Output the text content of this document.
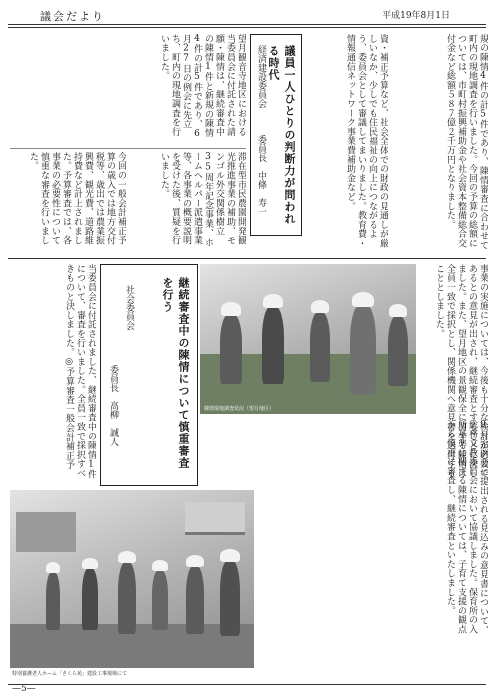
議会だより	平成19年8月1日
規の陳情4件の計5件であり、陳情審査に合わせて町内の現地調査を行いました。今回の予算の総額については、市町村振興補助金や社会資本整備総合交付金など総額５８７億２千万円となりました。
資・補正予算など、社会全体での財政の見通しが厳しいなか、少しでも住民福祉の向上につながるよう、委員会として審議してまいりました。教育費・情報通信ネットワーク事業費補助金など。
議員一人ひとりの判断力が問われる時代
経済建設委員会
委員長　中條　寿一
望月観音寺地区における当委員会に付託された請願・陳情は、継続審査中の陳情1件と新規の陳情4件の計5件であり、6月27日の例会に先立ち、町内の現地調査を行いました。
滞在型市民農園開発観光推進事業の補助、モンゴル外交関係樹立35周年記念事業、ホームヘルパー派遣事業等、各事業の概要説明を受けた後、質疑を行いました。
今回の一般会計補正予算の歳入では地方交付税等、歳出では農業振興費、観光費、道路維持費など計上されました。予算審査では、各事業の必要性について慎重な審査を行いました。
事業の実施については、今後も十分な検討が必要であるとの意見が出され、継続審査とすることに決しました。また、望月地区の景観保全に関する陳情は全員一致で採択とし、関係機関へ意見書を送付することとしました。
陳情現地調査状況（望月地区）
継続審査中の陳情について慎重審査を行う
社会委員会
委員長　高柳　誠人
当委員会に付託されました、継続審査中の陳情1件について、審査を行いました。全員一致で採択すべきものと決しました。◎予算審査一般会計補正予
9月定例会に提出される見込みの意見書について、総務文教委員会において協議しました。保育所の入所基準に関する陳情については、子育て支援の観点から慎重に審査し、継続審査といたしました。
特別養護老人ホーム「さくら苑」建設工事現場にて
—5—
